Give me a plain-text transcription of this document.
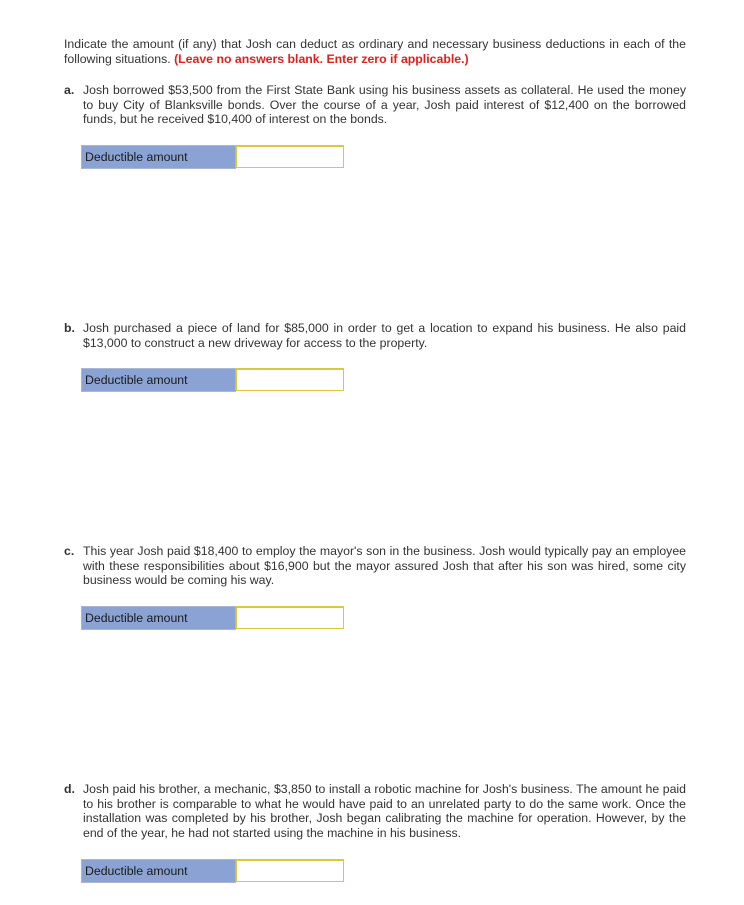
Indicate the amount (if any) that Josh can deduct as ordinary and necessary business deductions in each of the following situations. (Leave no answers blank. Enter zero if applicable.)
a. Josh borrowed $53,500 from the First State Bank using his business assets as collateral. He used the money to buy City of Blanksville bonds. Over the course of a year, Josh paid interest of $12,400 on the borrowed funds, but he received $10,400 of interest on the bonds.
Deductible amount
b. Josh purchased a piece of land for $85,000 in order to get a location to expand his business. He also paid $13,000 to construct a new driveway for access to the property.
Deductible amount
c. This year Josh paid $18,400 to employ the mayor's son in the business. Josh would typically pay an employee with these responsibilities about $16,900 but the mayor assured Josh that after his son was hired, some city business would be coming his way.
Deductible amount
d. Josh paid his brother, a mechanic, $3,850 to install a robotic machine for Josh's business. The amount he paid to his brother is comparable to what he would have paid to an unrelated party to do the same work. Once the installation was completed by his brother, Josh began calibrating the machine for operation. However, by the end of the year, he had not started using the machine in his business.
Deductible amount
